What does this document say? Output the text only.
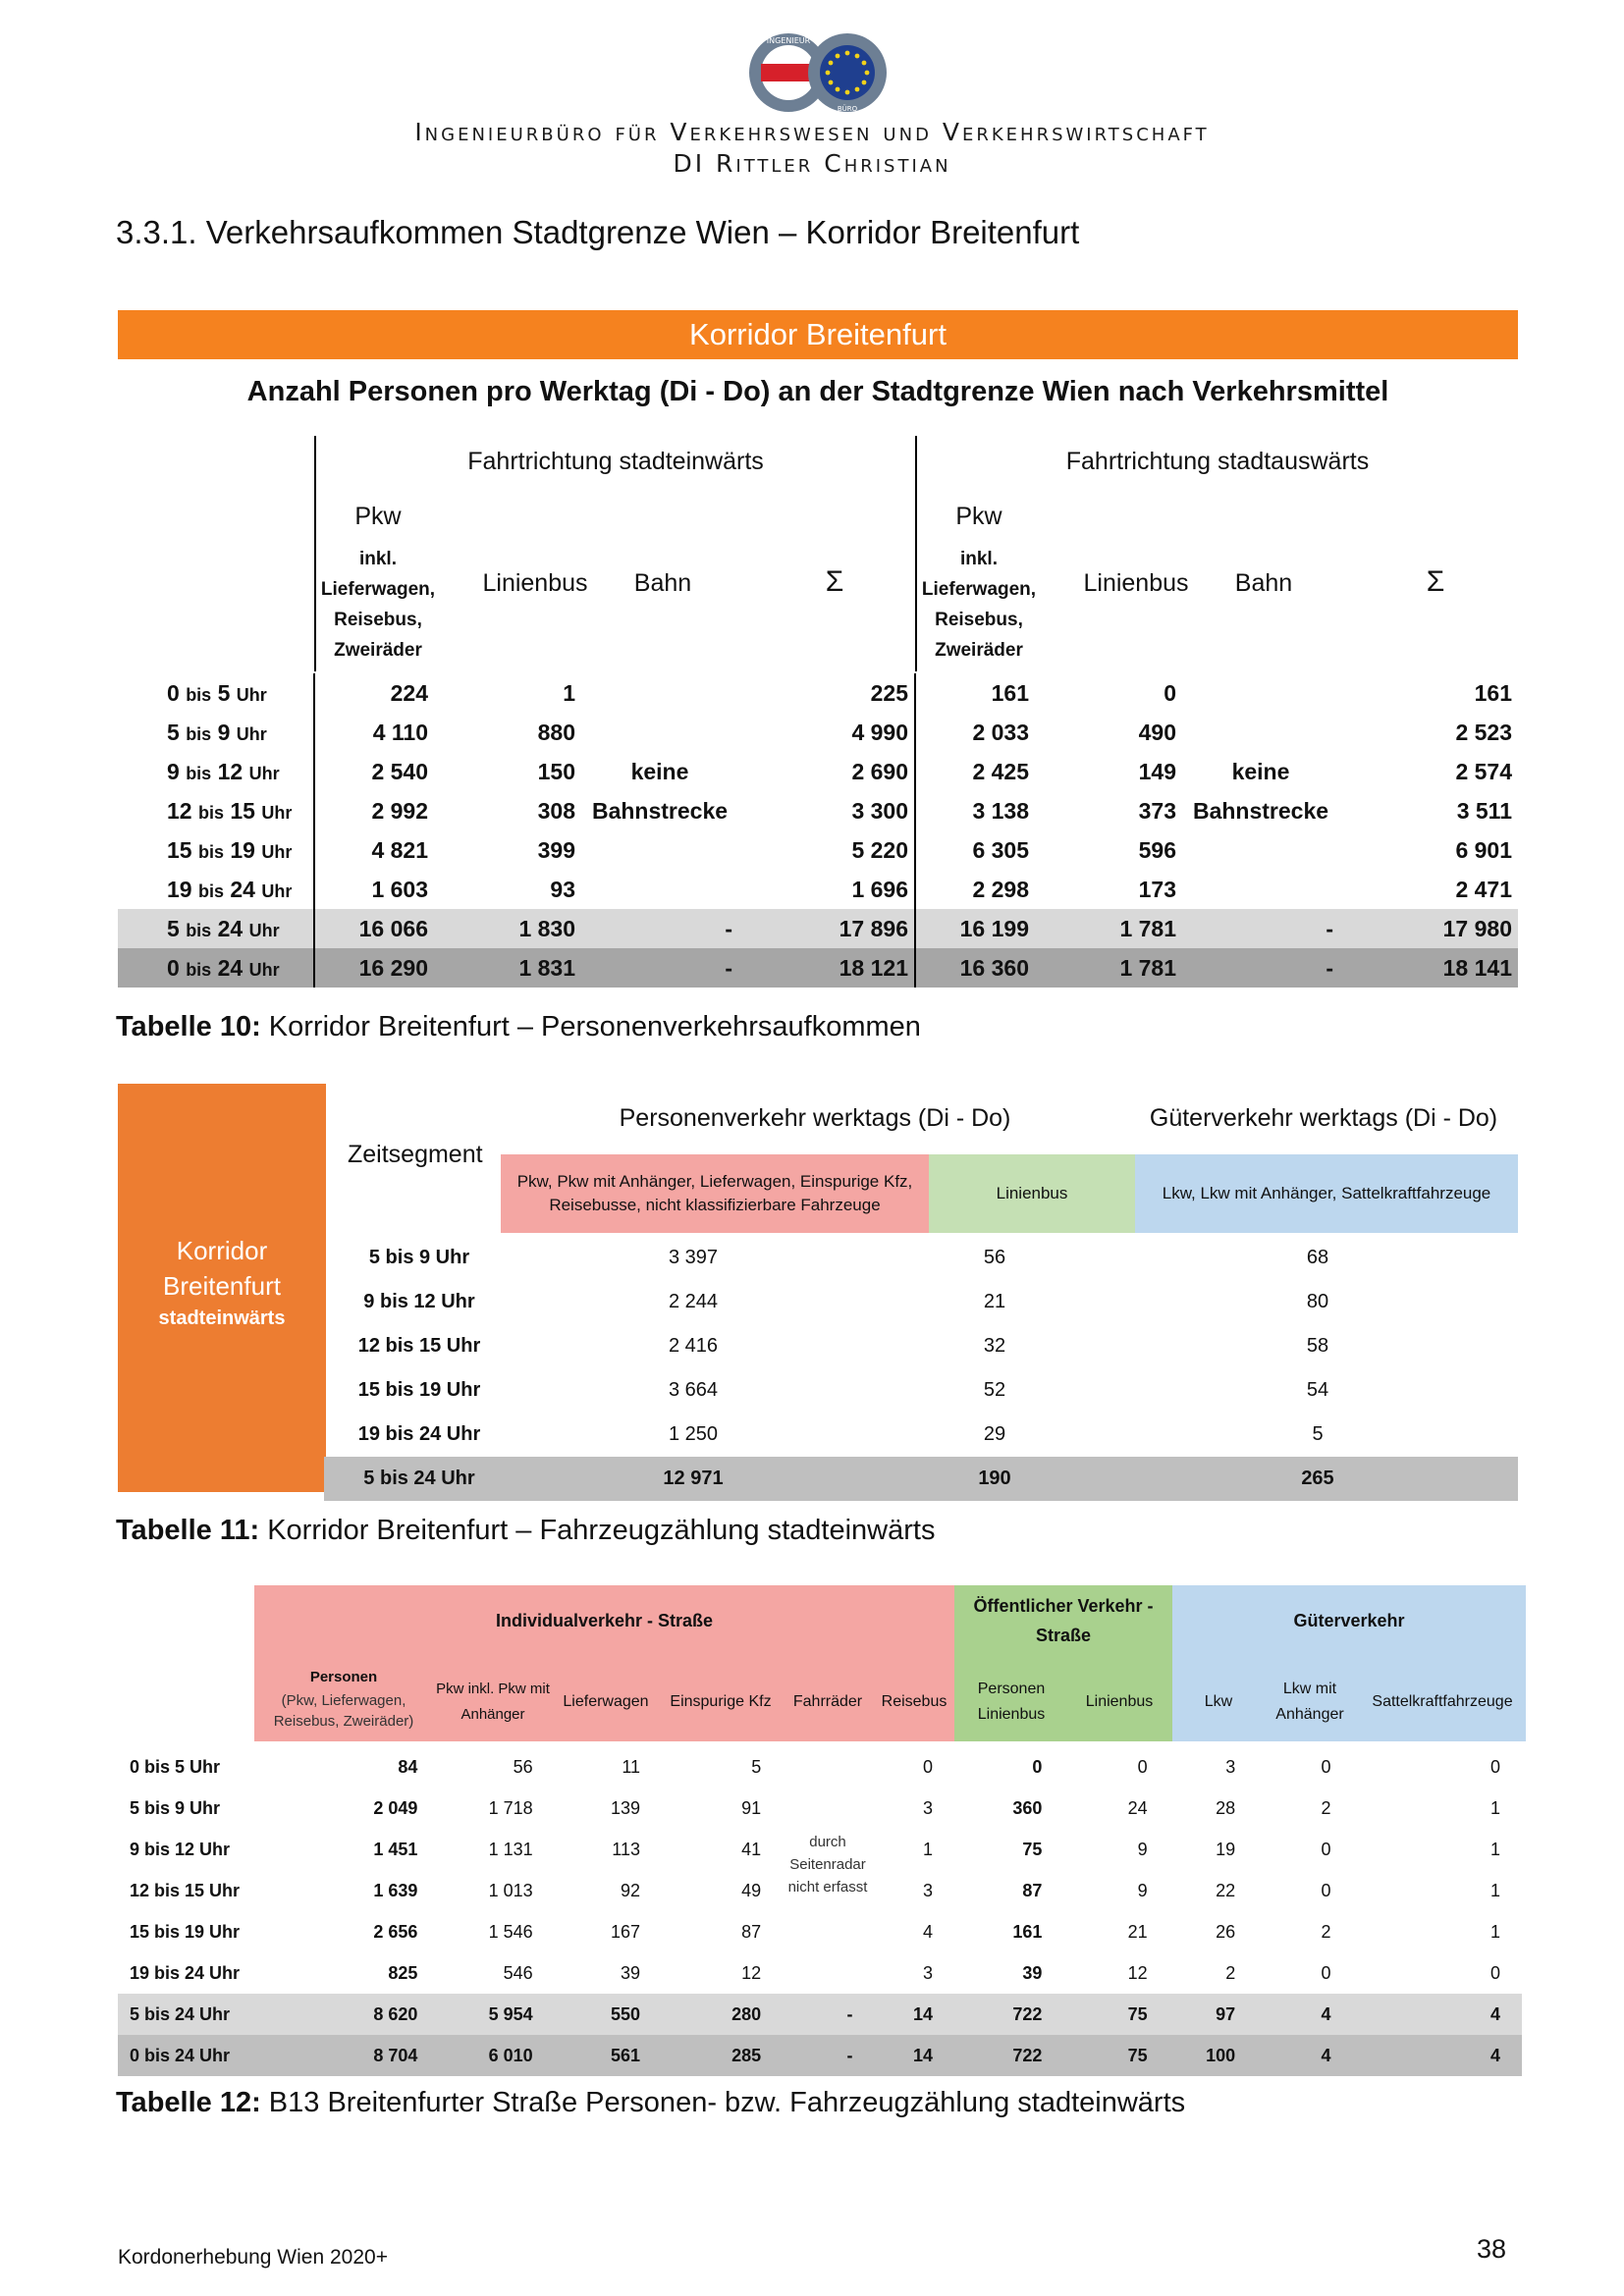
INGENIEUR
BÜRO
Ingenieurbüro für Verkehrswesen und Verkehrswirtschaft
DI Rittler Christian
3.3.1. Verkehrsaufkommen Stadtgrenze Wien – Korridor Breitenfurt
Korridor Breitenfurt
Anzahl Personen pro Werktag (Di - Do) an der Stadtgrenze Wien nach Verkehrsmittel
Fahrtrichtung stadteinwärts	Fahrtrichtung stadtauswärts
Pkw
inkl. Lieferwagen, Reisebus, Zweiräder
Linienbus	Bahn	Σ
Pkw
inkl. Lieferwagen, Reisebus, Zweiräder
Linienbus	Bahn	Σ
0 bis 5 Uhr	224	1		225	161	0		161
5 bis 9 Uhr	4 110	880		4 990	2 033	490		2 523
9 bis 12 Uhr	2 540	150	keine	2 690	2 425	149	keine	2 574
12 bis 15 Uhr	2 992	308	Bahnstrecke	3 300	3 138	373	Bahnstrecke	3 511
15 bis 19 Uhr	4 821	399		5 220	6 305	596		6 901
19 bis 24 Uhr	1 603	93		1 696	2 298	173		2 471
5 bis 24 Uhr	16 066	1 830	-	17 896	16 199	1 781	-	17 980
0 bis 24 Uhr	16 290	1 831	-	18 121	16 360	1 781	-	18 141
Tabelle 10: Korridor Breitenfurt – Personenverkehrsaufkommen
Korridor Breitenfurt
stadteinwärts
Zeitsegment
Personenverkehr werktags (Di - Do)	Güterverkehr werktags (Di - Do)
Pkw, Pkw mit Anhänger, Lieferwagen, Einspurige Kfz, Reisebusse, nicht klassifizierbare Fahrzeuge
Linienbus	Lkw, Lkw mit Anhänger, Sattelkraftfahrzeuge
5 bis 9 Uhr	3 397	56	68
9 bis 12 Uhr	2 244	21	80
12 bis 15 Uhr	2 416	32	58
15 bis 19 Uhr	3 664	52	54
19 bis 24 Uhr	1 250	29	5
5 bis 24 Uhr	12 971	190	265
Tabelle 11: Korridor Breitenfurt – Fahrzeugzählung stadteinwärts
Individualverkehr - Straße
Öffentlicher Verkehr - Straße
Güterverkehr
Personen
(Pkw, Lieferwagen, Reisebus, Zweiräder)
Pkw inkl. Pkw mit Anhänger
Lieferwagen	Einspurige Kfz	Fahrräder	Reisebus
Personen Linienbus
Linienbus	Lkw
Lkw mit Anhänger
Sattelkraftfahrzeuge
0 bis 5 Uhr	84	56	11	5		0	0	0	3	0	0
5 bis 9 Uhr	2 049	1 718	139	91		3	360	24	28	2	1
9 bis 12 Uhr	1 451	1 131	113	41		1	75	9	19	0	1
12 bis 15 Uhr	1 639	1 013	92	49		3	87	9	22	0	1
15 bis 19 Uhr	2 656	1 546	167	87		4	161	21	26	2	1
19 bis 24 Uhr	825	546	39	12		3	39	12	2	0	0
5 bis 24 Uhr	8 620	5 954	550	280	-	14	722	75	97	4	4
0 bis 24 Uhr	8 704	6 010	561	285	-	14	722	75	100	4	4
durch Seitenradar nicht erfasst
Tabelle 12: B13 Breitenfurter Straße Personen- bzw. Fahrzeugzählung stadteinwärts
Kordonerhebung Wien 2020+	38
